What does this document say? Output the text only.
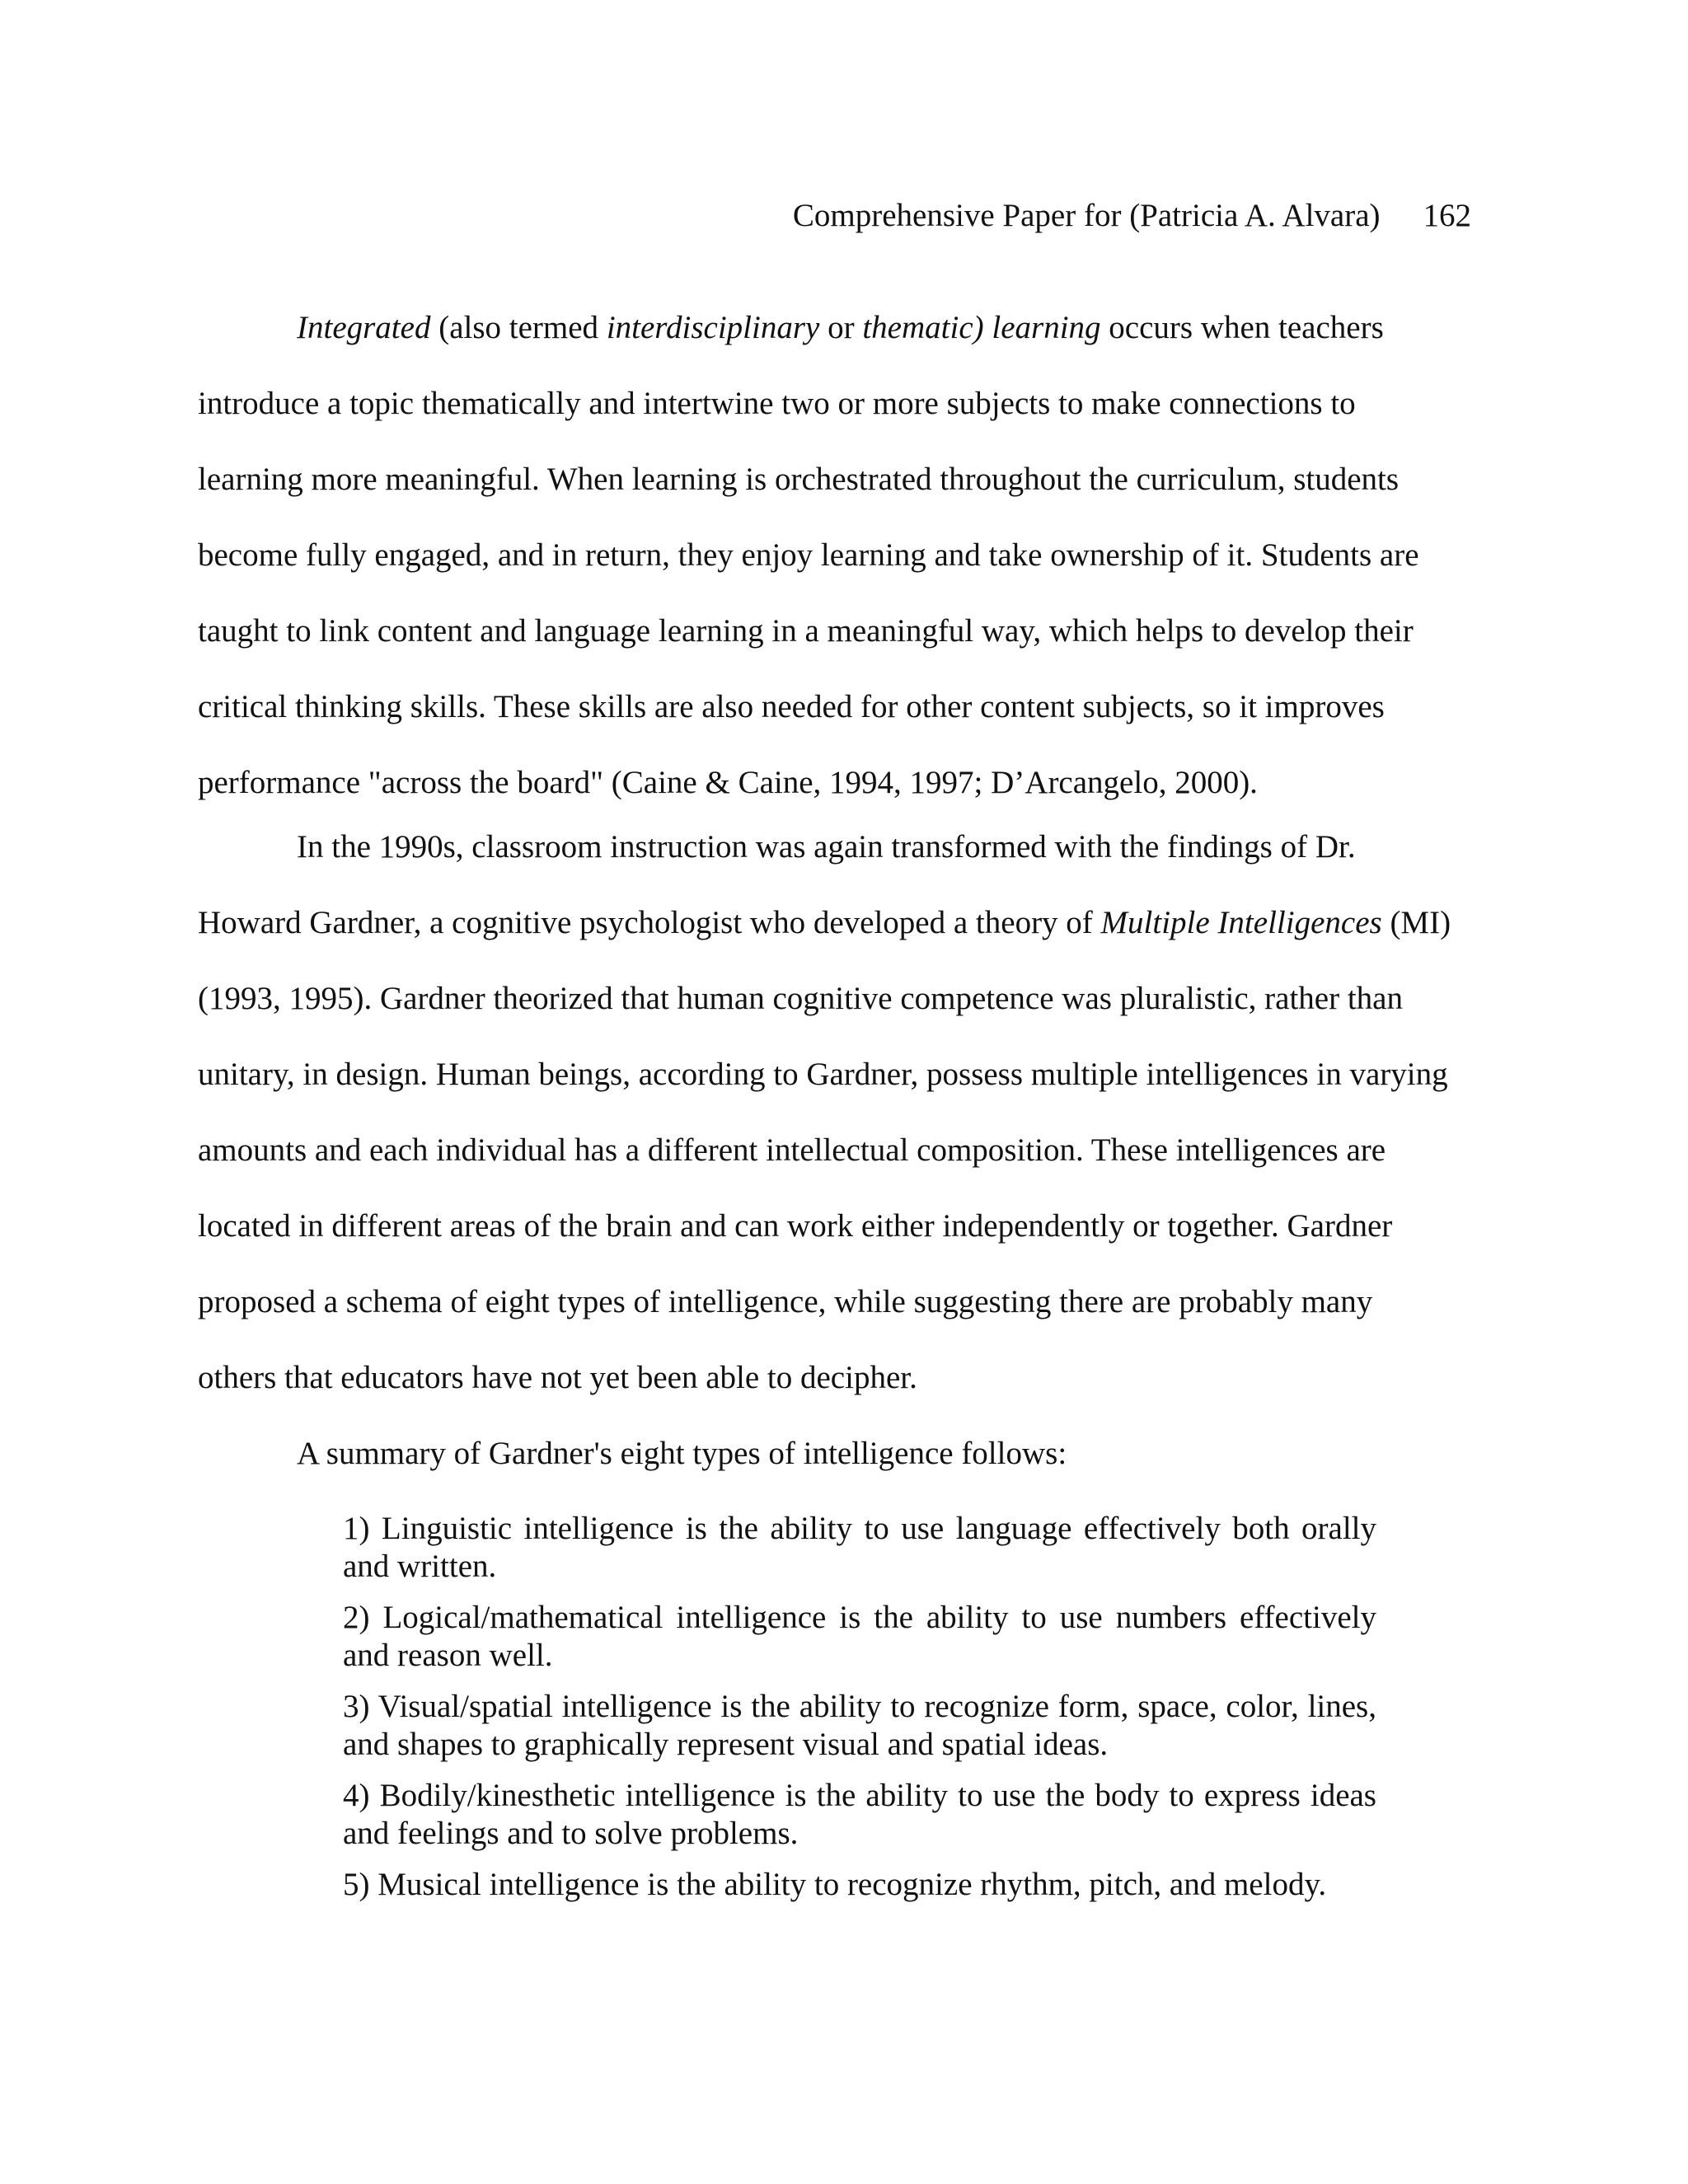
Comprehensive Paper for (Patricia A. Alvara) 162

Integrated (also termed interdisciplinary or thematic) learning occurs when teachers introduce a topic thematically and intertwine two or more subjects to make connections to learning more meaningful. When learning is orchestrated throughout the curriculum, students become fully engaged, and in return, they enjoy learning and take ownership of it. Students are taught to link content and language learning in a meaningful way, which helps to develop their critical thinking skills. These skills are also needed for other content subjects, so it improves performance "across the board" (Caine & Caine, 1994, 1997; D’Arcangelo, 2000).

In the 1990s, classroom instruction was again transformed with the findings of Dr. Howard Gardner, a cognitive psychologist who developed a theory of Multiple Intelligences (MI) (1993, 1995). Gardner theorized that human cognitive competence was pluralistic, rather than unitary, in design. Human beings, according to Gardner, possess multiple intelligences in varying amounts and each individual has a different intellectual composition. These intelligences are located in different areas of the brain and can work either independently or together. Gardner proposed a schema of eight types of intelligence, while suggesting there are probably many others that educators have not yet been able to decipher.

A summary of Gardner's eight types of intelligence follows:

1) Linguistic intelligence is the ability to use language effectively both orally and written.

2) Logical/mathematical intelligence is the ability to use numbers effectively and reason well.

3) Visual/spatial intelligence is the ability to recognize form, space, color, lines, and shapes to graphically represent visual and spatial ideas.

4) Bodily/kinesthetic intelligence is the ability to use the body to express ideas and feelings and to solve problems.

5) Musical intelligence is the ability to recognize rhythm, pitch, and melody.
